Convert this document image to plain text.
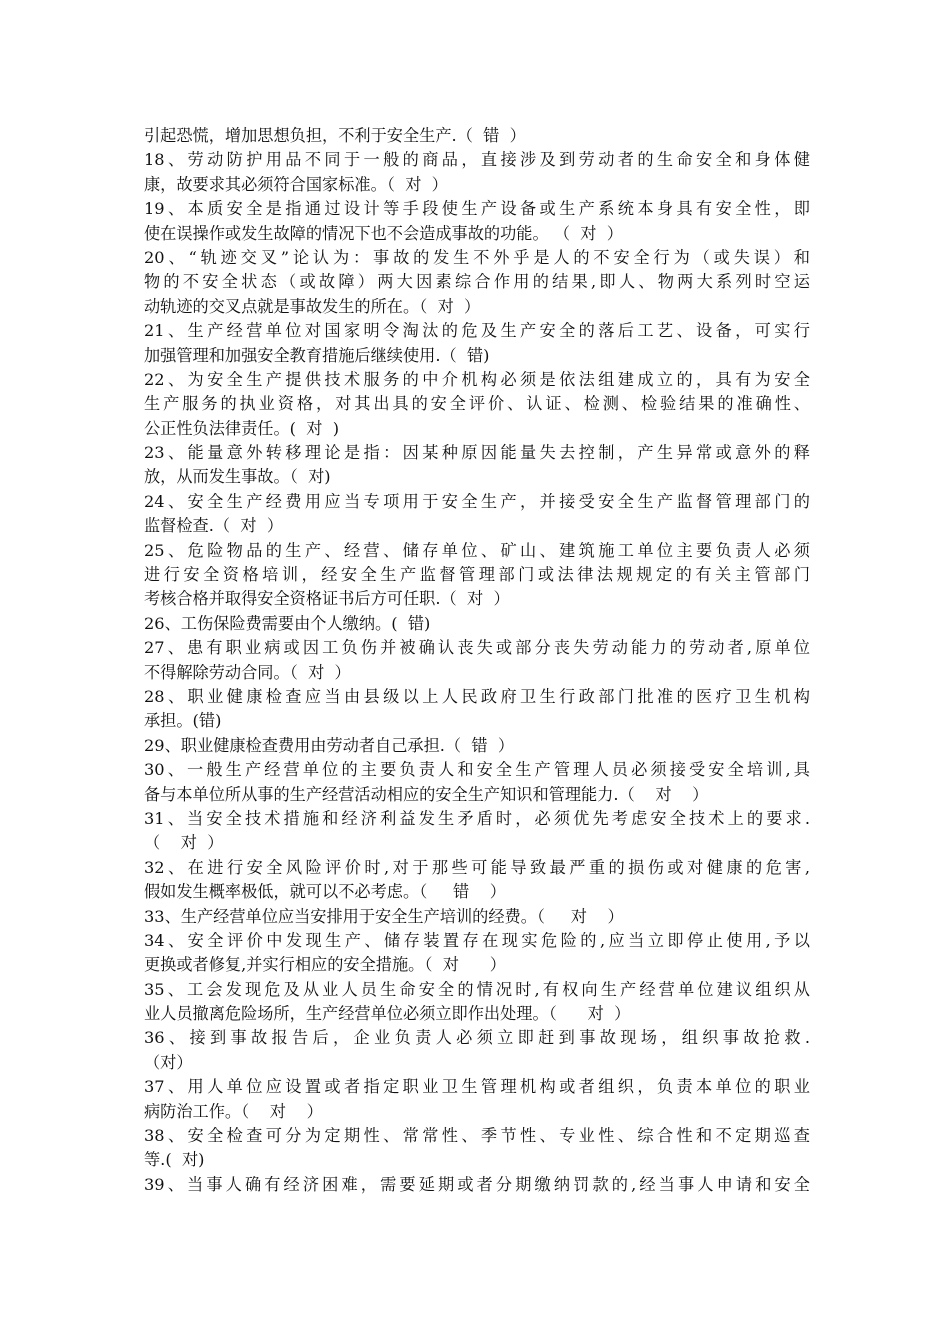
引起恐慌，增加思想负担，不利于安全生产.（  错  ）
18、劳动防护用品不同于一般的商品，直接涉及到劳动者的生命安全和身体健
康，故要求其必须符合国家标准。（  对  ）
19、本质安全是指通过设计等手段使生产设备或生产系统本身具有安全性，即
使在误操作或发生故障的情况下也不会造成事故的功能。 （  对  ）
20、“轨迹交叉”论认为：事故的发生不外乎是人的不安全行为（或失误）和
物的不安全状态（或故障）两大因素综合作用的结果,即人、物两大系列时空运
动轨迹的交叉点就是事故发生的所在。（  对  ）
21、生产经营单位对国家明令淘汰的危及生产安全的落后工艺、设备，可实行
加强管理和加强安全教育措施后继续使用.（  错)
22、为安全生产提供技术服务的中介机构必须是依法组建成立的，具有为安全
生产服务的执业资格，对其出具的安全评价、认证、检测、检验结果的准确性、
公正性负法律责任。(  对  )
23、能量意外转移理论是指：因某种原因能量失去控制，产生异常或意外的释
放，从而发生事故。（  对)
24、安全生产经费用应当专项用于安全生产，并接受安全生产监督管理部门的
监督检查.（  对  ）
25、危险物品的生产、经营、储存单位、矿山、建筑施工单位主要负责人必须
进行安全资格培训，经安全生产监督管理部门或法律法规规定的有关主管部门
考核合格并取得安全资格证书后方可任职.（  对  ）
26、工伤保险费需要由个人缴纳。(  错)
27、患有职业病或因工负伤并被确认丧失或部分丧失劳动能力的劳动者,原单位
不得解除劳动合同。（  对  ）
28、职业健康检查应当由县级以上人民政府卫生行政部门批准的医疗卫生机构
承担。(错)
29、职业健康检查费用由劳动者自己承担.（  错  ）
30、一般生产经营单位的主要负责人和安全生产管理人员必须接受安全培训,具
备与本单位所从事的生产经营活动相应的安全生产知识和管理能力.（    对    ）
31、当安全技术措施和经济利益发生矛盾时，必须优先考虑安全技术上的要求.
（    对  ）
32、在进行安全风险评价时,对于那些可能导致最严重的损伤或对健康的危害,
假如发生概率极低，就可以不必考虑。（     错    ）
33、生产经营单位应当安排用于安全生产培训的经费。（     对    ）
34、安全评价中发现生产、储存装置存在现实危险的,应当立即停止使用,予以
更换或者修复,并实行相应的安全措施。（  对      ）
35、工会发现危及从业人员生命安全的情况时,有权向生产经营单位建议组织从
业人员撤离危险场所，生产经营单位必须立即作出处理。（      对  ）
36、接到事故报告后，企业负责人必须立即赶到事故现场，组织事故抢救.
（对）
37、用人单位应设置或者指定职业卫生管理机构或者组织，负责本单位的职业
病防治工作。（    对    ）
38、安全检查可分为定期性、常常性、季节性、专业性、综合性和不定期巡查
等.(  对)
39、当事人确有经济困难，需要延期或者分期缴纳罚款的,经当事人申请和安全
